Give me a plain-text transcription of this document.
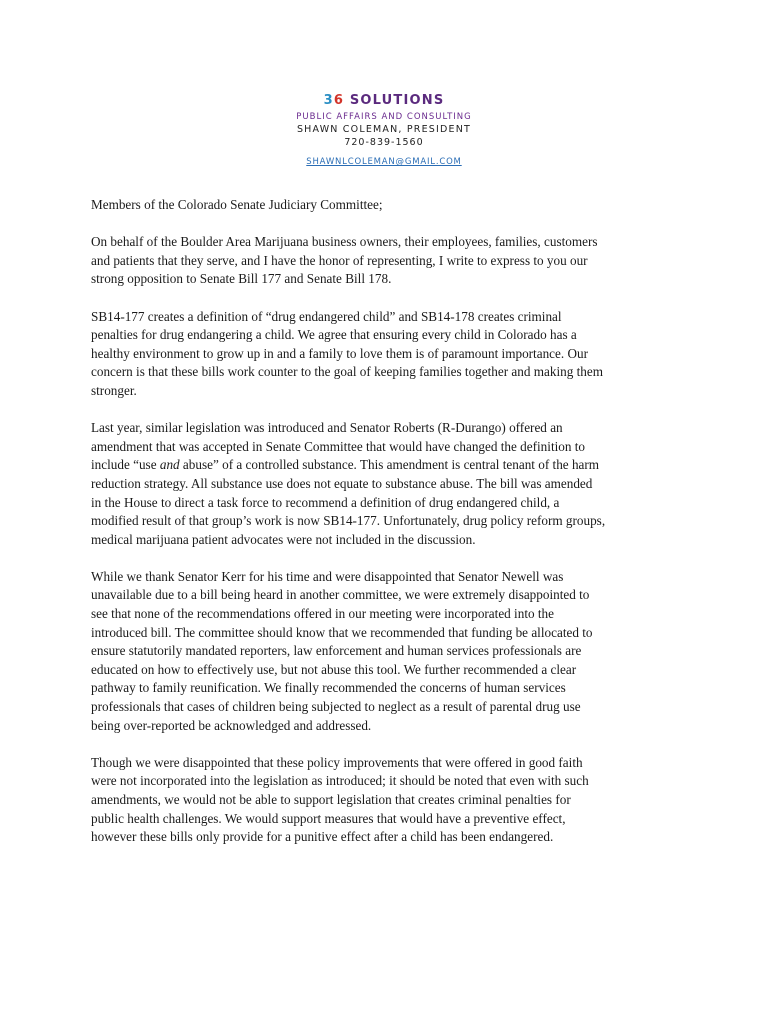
36 SOLUTIONS
PUBLIC AFFAIRS AND CONSULTING
SHAWN COLEMAN, PRESIDENT
720-839-1560
SHAWNLCOLEMAN@GMAIL.COM

Members of the Colorado Senate Judiciary Committee;

On behalf of the Boulder Area Marijuana business owners, their employees, families, customers
and patients that they serve, and I have the honor of representing, I write to express to you our
strong opposition to Senate Bill 177 and Senate Bill 178.

SB14-177 creates a definition of “drug endangered child” and SB14-178 creates criminal
penalties for drug endangering a child. We agree that ensuring every child in Colorado has a
healthy environment to grow up in and a family to love them is of paramount importance. Our
concern is that these bills work counter to the goal of keeping families together and making them
stronger.

Last year, similar legislation was introduced and Senator Roberts (R-Durango) offered an
amendment that was accepted in Senate Committee that would have changed the definition to
include “use and abuse” of a controlled substance. This amendment is central tenant of the harm
reduction strategy. All substance use does not equate to substance abuse. The bill was amended
in the House to direct a task force to recommend a definition of drug endangered child, a
modified result of that group’s work is now SB14-177. Unfortunately, drug policy reform groups,
medical marijuana patient advocates were not included in the discussion.

While we thank Senator Kerr for his time and were disappointed that Senator Newell was
unavailable due to a bill being heard in another committee, we were extremely disappointed to
see that none of the recommendations offered in our meeting were incorporated into the
introduced bill. The committee should know that we recommended that funding be allocated to
ensure statutorily mandated reporters, law enforcement and human services professionals are
educated on how to effectively use, but not abuse this tool. We further recommended a clear
pathway to family reunification. We finally recommended the concerns of human services
professionals that cases of children being subjected to neglect as a result of parental drug use
being over-reported be acknowledged and addressed.

Though we were disappointed that these policy improvements that were offered in good faith
were not incorporated into the legislation as introduced; it should be noted that even with such
amendments, we would not be able to support legislation that creates criminal penalties for
public health challenges. We would support measures that would have a preventive effect,
however these bills only provide for a punitive effect after a child has been endangered.
